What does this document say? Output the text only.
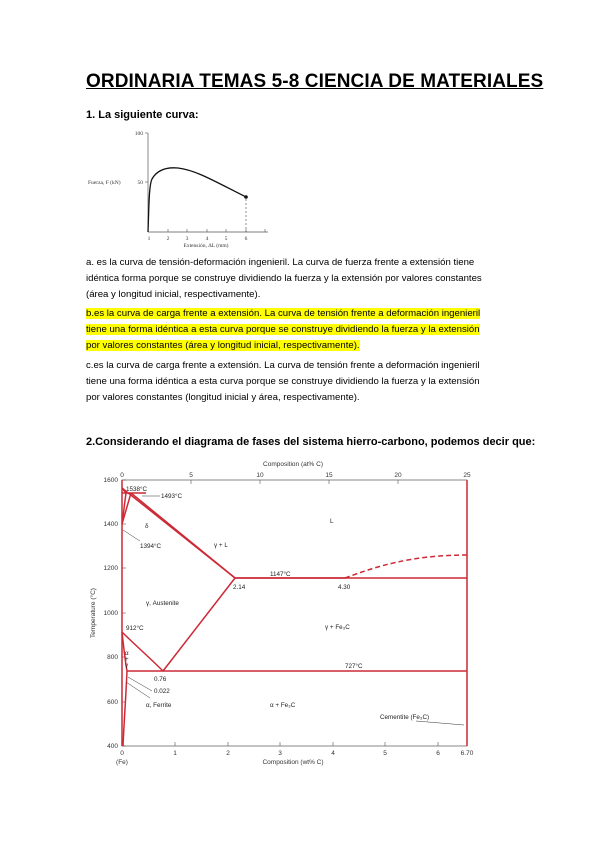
ORDINARIA TEMAS 5-8 CIENCIA DE MATERIALES
1. La siguiente curva:
100
50
Fuerza, F (kN)
1	2	3	4	5	6
Extensión, ΔL (mm)
a. es la curva de tensión-deformación ingenieril. La curva de fuerza frente a extensión tiene
idéntica forma porque se construye dividiendo la fuerza y la extensión por valores constantes
(área y longitud inicial, respectivamente).
b.es la curva de carga frente a extensión. La curva de tensión frente a deformación ingenieril
tiene una forma idéntica a esta curva porque se construye dividiendo la fuerza y la extensión
por valores constantes (área y longitud inicial, respectivamente).
c.es la curva de carga frente a extensión. La curva de tensión frente a deformación ingenieril
tiene una forma idéntica a esta curva porque se construye dividiendo la fuerza y la extensión
por valores constantes (longitud inicial y área, respectivamente).
2.Considerando el diagrama de fases del sistema hierro-carbono, podemos decir que:
Composition (at% C)
0	5	10	15	20	25
1600
1400
1200
1000
800
600
400
Temperature (°C)
0	1	2	3	4	5	6	6.70
(Fe)	Composition (wt% C)
1538°C
1493°C
δ
1394°C	γ + L
L
1147°C
2.14	4.30
γ, Austenite
γ + Fe₃C
912°C
727°C
α
+
γ
0.76
0.022
α, Ferrite	α + Fe₃C
Cementite (Fe₃C)
